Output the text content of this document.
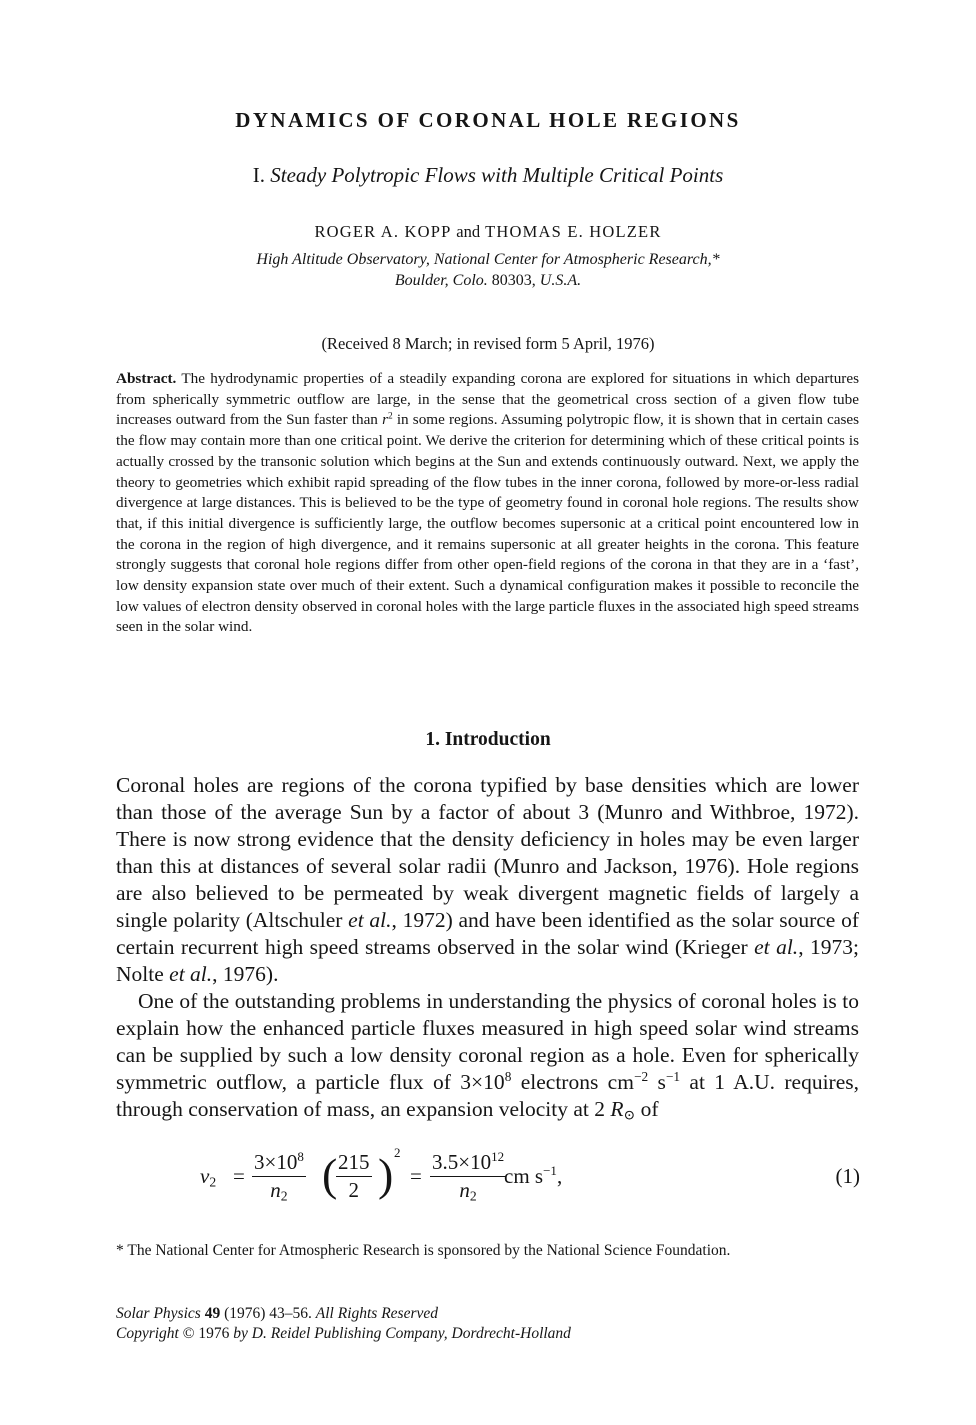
DYNAMICS OF CORONAL HOLE REGIONS
I. Steady Polytropic Flows with Multiple Critical Points
ROGER A. KOPP and THOMAS E. HOLZER
High Altitude Observatory, National Center for Atmospheric Research,*
Boulder, Colo. 80303, U.S.A.
(Received 8 March; in revised form 5 April, 1976)
Abstract. The hydrodynamic properties of a steadily expanding corona are explored for situations in which departures from spherically symmetric outflow are large, in the sense that the geometrical cross section of a given flow tube increases outward from the Sun faster than $r^2$ in some regions. Assuming polytropic flow, it is shown that in certain cases the flow may contain more than one critical point. We derive the criterion for determining which of these critical points is actually crossed by the transonic solution which begins at the Sun and extends continuously outward. Next, we apply the theory to geometries which exhibit rapid spreading of the flow tubes in the inner corona, followed by more-or-less radial divergence at large distances. This is believed to be the type of geometry found in coronal hole regions. The results show that, if this initial divergence is sufficiently large, the outflow becomes supersonic at a critical point encountered low in the corona in the region of high divergence, and it remains supersonic at all greater heights in the corona. This feature strongly suggests that coronal hole regions differ from other open-field regions of the corona in that they are in a ‘fast’, low density expansion state over much of their extent. Such a dynamical configuration makes it possible to reconcile the low values of electron density observed in coronal holes with the large particle fluxes in the associated high speed streams seen in the solar wind.
1. Introduction

Coronal holes are regions of the corona typified by base densities which are lower than those of the average Sun by a factor of about 3 (Munro and Withbroe, 1972). There is now strong evidence that the density deficiency in holes may be even larger than this at distances of several solar radii (Munro and Jackson, 1976). Hole regions are also believed to be permeated by weak divergent magnetic fields of largely a single polarity (Altschuler et al., 1972) and have been identified as the solar source of certain recurrent high speed streams observed in the solar wind (Krieger et al., 1973; Nolte et al., 1976).

One of the outstanding problems in understanding the physics of coronal holes is to explain how the enhanced particle fluxes measured in high speed solar wind streams can be supplied by such a low density coronal region as a hole. Even for spherically symmetric outflow, a particle flux of $3\times 10^8$ electrons $cm^{-2}$ $s^{-1}$ at 1 A.U. requires, through conservation of mass, an expansion velocity at 2 $R_⊙$ of

$v_2 = \frac{3\times 10^8}{n_2}$ (
$\frac{215}{2}$ ) $^2$
= $\frac{3.5\times 10^{12}}{n_2}$
cm $s^{-1}$,	(1)
* The National Center for Atmospheric Research is sponsored by the National Science Foundation.
Solar Physics 49 (1976) 43–56. All Rights Reserved
Copyright © 1976 by D. Reidel Publishing Company, Dordrecht-Holland
